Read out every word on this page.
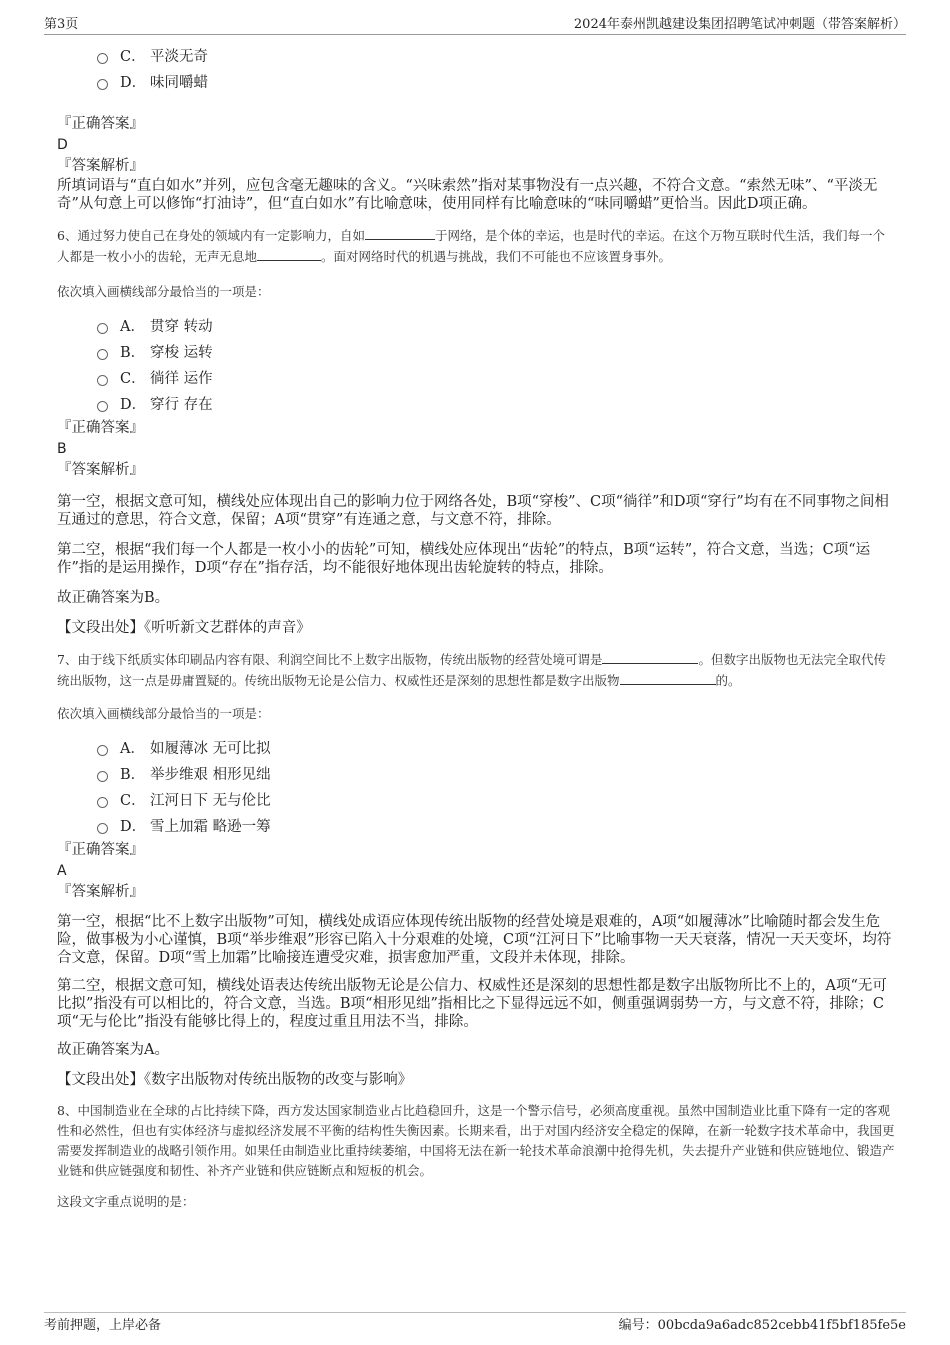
第3页	2024年泰州凯越建设集团招聘笔试冲刺题（带答案解析）
C． 平淡无奇
D． 味同嚼蜡

『正确答案』

D

『答案解析』

所填词语与“直白如水”并列，应包含毫无趣味的含义。“兴味索然”指对某事物没有一点兴趣，不符合文意。“索然无味”、“平淡无奇”从句意上可以修饰“打油诗”，但“直白如水”有比喻意味，使用同样有比喻意味的“味同嚼蜡”更恰当。因此D项正确。

6、通过努力使自己在身处的领域内有一定影响力，自如	于网络，是个体的幸运，也是时代的幸运。在这个万物互联时代生活，我们每一个人都是一枚小小的齿轮，无声无息地	。面对网络时代的机遇与挑战，我们不可能也不应该置身事外。

依次填入画横线部分最恰当的一项是：

A． 贯穿 转动
B． 穿梭 运转
C． 徜徉 运作
D． 穿行 存在

『正确答案』

B

『答案解析』

第一空，根据文意可知，横线处应体现出自己的影响力位于网络各处，B项“穿梭”、C项“徜徉”和D项“穿行”均有在不同事物之间相互通过的意思，符合文意，保留；A项“贯穿”有连通之意，与文意不符，排除。

第二空，根据“我们每一个人都是一枚小小的齿轮”可知，横线处应体现出“齿轮”的特点，B项“运转”，符合文意，当选；C项“运作”指的是运用操作，D项“存在”指存活，均不能很好地体现出齿轮旋转的特点，排除。

故正确答案为B。

【文段出处】《听听新文艺群体的声音》

7、由于线下纸质实体印刷品内容有限、利润空间比不上数字出版物，传统出版物的经营处境可谓是	。但数字出版物也无法完全取代传统出版物，这一点是毋庸置疑的。传统出版物无论是公信力、权威性还是深刻的思想性都是数字出版物	的。

依次填入画横线部分最恰当的一项是：

A． 如履薄冰 无可比拟
B． 举步维艰 相形见绌
C． 江河日下 无与伦比
D． 雪上加霜 略逊一筹

『正确答案』

A

『答案解析』

第一空，根据“比不上数字出版物”可知，横线处成语应体现传统出版物的经营处境是艰难的，A项“如履薄冰”比喻随时都会发生危险，做事极为小心谨慎，B项“举步维艰”形容已陷入十分艰难的处境，C项“江河日下”比喻事物一天天衰落，情况一天天变坏，均符合文意，保留。D项“雪上加霜”比喻接连遭受灾难，损害愈加严重，文段并未体现，排除。

第二空，根据文意可知，横线处语表达传统出版物无论是公信力、权威性还是深刻的思想性都是数字出版物所比不上的，A项“无可比拟”指没有可以相比的，符合文意，当选。B项“相形见绌”指相比之下显得远远不如，侧重强调弱势一方，与文意不符，排除；C项“无与伦比”指没有能够比得上的，程度过重且用法不当，排除。

故正确答案为A。

【文段出处】《数字出版物对传统出版物的改变与影响》

8、中国制造业在全球的占比持续下降，西方发达国家制造业占比趋稳回升，这是一个警示信号，必须高度重视。虽然中国制造业比重下降有一定的客观性和必然性，但也有实体经济与虚拟经济发展不平衡的结构性失衡因素。长期来看，出于对国内经济安全稳定的保障，在新一轮数字技术革命中，我国更需要发挥制造业的战略引领作用。如果任由制造业比重持续萎缩，中国将无法在新一轮技术革命浪潮中抢得先机，失去提升产业链和供应链地位、锻造产业链和供应链强度和韧性、补齐产业链和供应链断点和短板的机会。

这段文字重点说明的是：

考前押题，上岸必备	编号：00bcda9a6adc852cebb41f5bf185fe5e
